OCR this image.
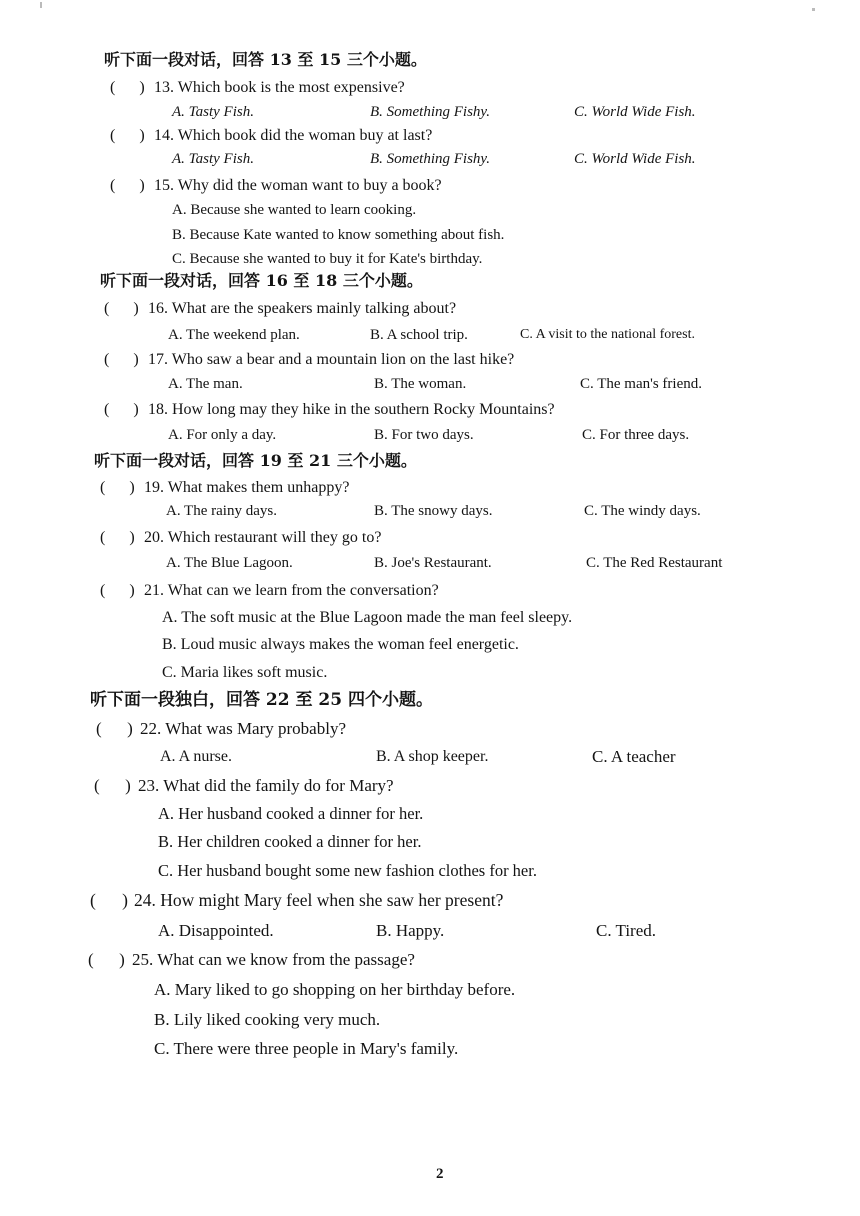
听下面一段对话，回答 13 至 15 三个小题。
(      ) 13. Which book is the most expensive?
A. Tasty Fish.	B. Something Fishy.	C. World Wide Fish.
(      ) 14. Which book did the woman buy at last?
A. Tasty Fish.	B. Something Fishy.	C. World Wide Fish.
(      ) 15. Why did the woman want to buy a book?
A. Because she wanted to learn cooking.
B. Because Kate wanted to know something about fish.
C. Because she wanted to buy it for Kate's birthday.
听下面一段对话，回答 16 至 18 三个小题。
(      ) 16. What are the speakers mainly talking about?
A. The weekend plan.	B. A school trip.	C. A visit to the national forest.
(      ) 17. Who saw a bear and a mountain lion on the last hike?
A. The man.	B. The woman.	C. The man's friend.
(      ) 18. How long may they hike in the southern Rocky Mountains?
A. For only a day.	B. For two days.	C. For three days.
听下面一段对话，回答 19 至 21 三个小题。
(      ) 19. What makes them unhappy?
A. The rainy days.	B. The snowy days.	C. The windy days.
(      ) 20. Which restaurant will they go to?
A. The Blue Lagoon.	B. Joe's Restaurant.	C. The Red Restaurant
(      ) 21. What can we learn from the conversation?
A. The soft music at the Blue Lagoon made the man feel sleepy.
B. Loud music always makes the woman feel energetic.
C. Maria likes soft music.
听下面一段独白，回答 22 至 25 四个小题。
(      ) 22. What was Mary probably?
A. A nurse.	B. A shop keeper.	C. A teacher
(      ) 23. What did the family do for Mary?
A. Her husband cooked a dinner for her.
B. Her children cooked a dinner for her.
C. Her husband bought some new fashion clothes for her.
(      ) 24. How might Mary feel when she saw her present?
A. Disappointed.	B. Happy.	C. Tired.
(      ) 25. What can we know from the passage?
A. Mary liked to go shopping on her birthday before.
B. Lily liked cooking very much.
C. There were three people in Mary's family.
2
